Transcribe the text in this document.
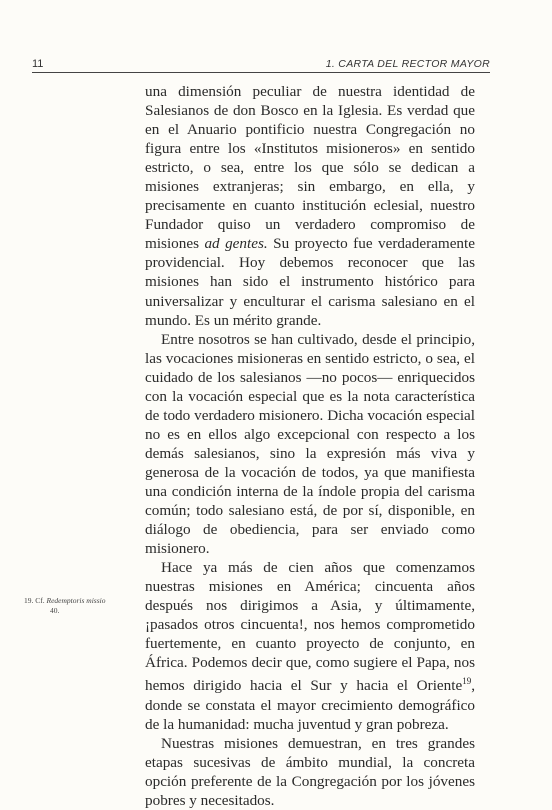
11	1. CARTA DEL RECTOR MAYOR

una dimensión peculiar de nuestra identidad de Salesianos de don Bosco en la Iglesia. Es verdad que en el Anuario pontificio nuestra Congregación no figura entre los «Institutos misioneros» en sentido estricto, o sea, entre los que sólo se dedican a misiones extranjeras; sin embargo, en ella, y precisamente en cuanto institución eclesial, nuestro Fundador quiso un verdadero compromiso de misiones ad gentes. Su proyecto fue verdaderamente providencial. Hoy debemos reconocer que las misiones han sido el instrumento histórico para universalizar y enculturar el carisma salesiano en el mundo. Es un mérito grande.

Entre nosotros se han cultivado, desde el principio, las vocaciones misioneras en sentido estricto, o sea, el cuidado de los salesianos —no pocos— enriquecidos con la vocación especial que es la nota característica de todo verdadero misionero. Dicha vocación especial no es en ellos algo excepcional con respecto a los demás salesianos, sino la expresión más viva y generosa de la vocación de todos, ya que manifiesta una condición interna de la índole propia del carisma común; todo salesiano está, de por sí, disponible, en diálogo de obediencia, para ser enviado como misionero.

Hace ya más de cien años que comenzamos nuestras misiones en América; cincuenta años después nos dirigimos a Asia, y últimamente, ¡pasados otros cincuenta!, nos hemos comprometido fuertemente, en cuanto proyecto de conjunto, en África. Podemos decir que, como sugiere el Papa, nos hemos dirigido hacia el Sur y hacia el Oriente$^{19}$, donde se constata el mayor crecimiento demográfico de la humanidad: mucha juventud y gran pobreza.

Nuestras misiones demuestran, en tres grandes etapas sucesivas de ámbito mundial, la concreta opción preferente de la Congregación por los jóvenes pobres y necesitados.

19. Cf. Redemptoris missio
40.
